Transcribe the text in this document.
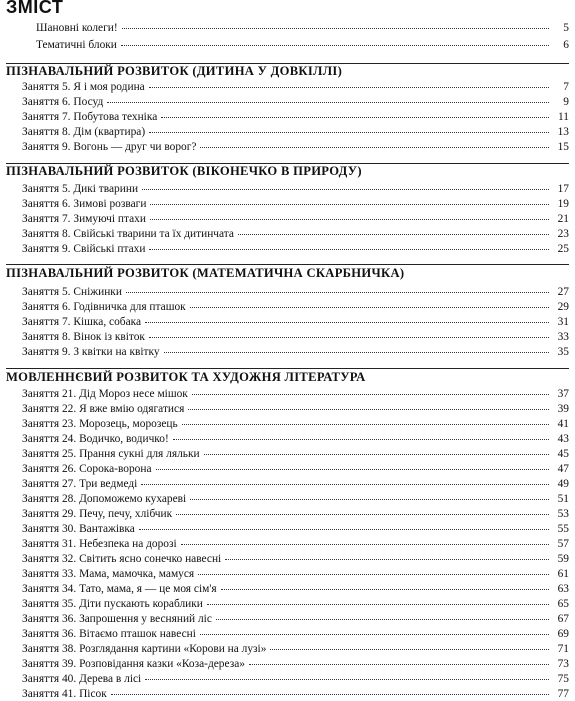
ЗМІСТ
Шановні колеги!	5
Тематичні блоки	6
ПІЗНАВАЛЬНИЙ РОЗВИТОК (ДИТИНА У ДОВКІЛЛІ)
Заняття 5. Я і моя родина	7
Заняття 6. Посуд	9
Заняття 7. Побутова техніка	11
Заняття 8. Дім (квартира)	13
Заняття 9. Вогонь — друг чи ворог?	15
ПІЗНАВАЛЬНИЙ РОЗВИТОК (ВІКОНЕЧКО В ПРИРОДУ)
Заняття 5. Дикі тварини	17
Заняття 6. Зимові розваги	19
Заняття 7. Зимуючі птахи	21
Заняття 8. Свійські тварини та їх дитинчата	23
Заняття 9. Свійські птахи	25
ПІЗНАВАЛЬНИЙ РОЗВИТОК (МАТЕМАТИЧНА СКАРБНИЧКА)
Заняття 5. Сніжинки	27
Заняття 6. Годівничка для пташок	29
Заняття 7. Кішка, собака	31
Заняття 8. Вінок із квіток	33
Заняття 9. З квітки на квітку	35
МОВЛЕННЄВИЙ РОЗВИТОК ТА ХУДОЖНЯ ЛІТЕРАТУРА
Заняття 21. Дід Мороз несе мішок	37
Заняття 22. Я вже вмію одягатися	39
Заняття 23. Морозець, морозець	41
Заняття 24. Водичко, водичко!	43
Заняття 25. Прання сукні для ляльки	45
Заняття 26. Сорока-ворона	47
Заняття 27. Три ведмеді	49
Заняття 28. Допоможемо кухареві	51
Заняття 29. Печу, печу, хлібчик	53
Заняття 30. Вантажівка	55
Заняття 31. Небезпека на дорозі	57
Заняття 32. Світить ясно сонечко навесні	59
Заняття 33. Мама, мамочка, мамуся	61
Заняття 34. Тато, мама, я — це моя сім'я	63
Заняття 35. Діти пускають кораблики	65
Заняття 36. Запрошення у весняний ліс	67
Заняття 36. Вітаємо пташок навесні	69
Заняття 38. Розглядання картини «Корови на лузі»	71
Заняття 39. Розповідання казки «Коза-дереза»	73
Заняття 40. Дерева в лісі	75
Заняття 41. Пісок	77
